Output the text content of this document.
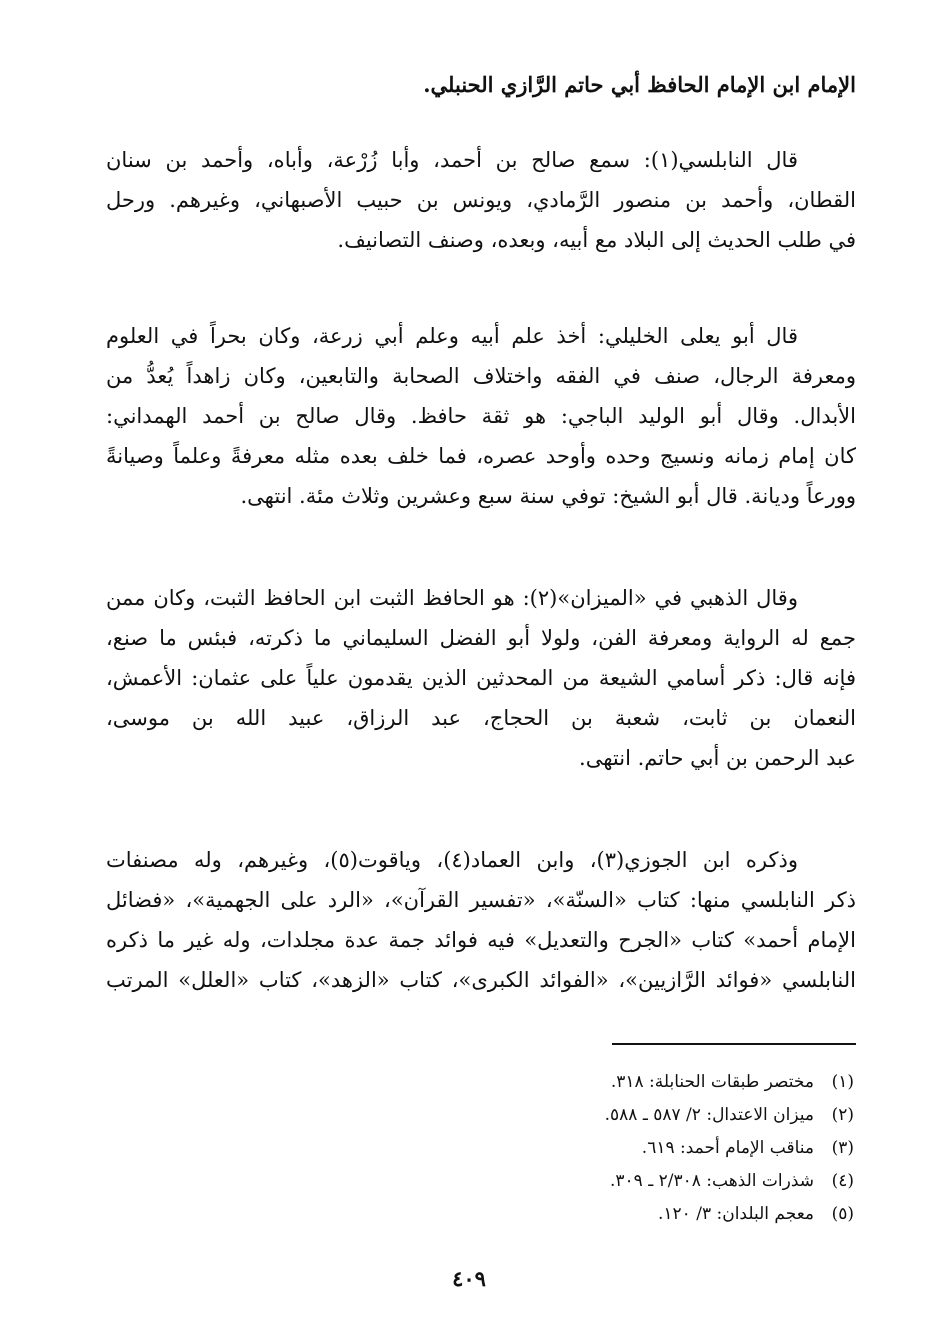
الإمام ابن الإمام الحافظ أبي حاتم الرَّازي الحنبلي.
قال النابلسي(١): سمع صالح بن أحمد، وأبا زُرْعة، وأباه، وأحمد بن سنان
القطان، وأحمد بن منصور الرَّمادي، ويونس بن حبيب الأصبهاني، وغيرهم. ورحل
في طلب الحديث إلى البلاد مع أبيه، وبعده، وصنف التصانيف.
قال أبو يعلى الخليلي: أخذ علم أبيه وعلم أبي زرعة، وكان بحراً في العلوم
ومعرفة الرجال، صنف في الفقه واختلاف الصحابة والتابعين، وكان زاهداً يُعدُّ من
الأبدال. وقال أبو الوليد الباجي: هو ثقة حافظ. وقال صالح بن أحمد الهمداني:
كان إمام زمانه ونسيج وحده وأوحد عصره، فما خلف بعده مثله معرفةً وعلماً وصيانةً
وورعاً وديانة. قال أبو الشيخ: توفي سنة سبع وعشرين وثلاث مئة. انتهى.
وقال الذهبي في «الميزان»(٢): هو الحافظ الثبت ابن الحافظ الثبت، وكان ممن
جمع له الرواية ومعرفة الفن، ولولا أبو الفضل السليماني ما ذكرته، فبئس ما صنع،
فإنه قال: ذكر أسامي الشيعة من المحدثين الذين يقدمون علياً على عثمان: الأعمش،
النعمان بن ثابت، شعبة بن الحجاج، عبد الرزاق، عبيد الله بن موسى،
عبد الرحمن بن أبي حاتم. انتهى.
وذكره ابن الجوزي(٣)، وابن العماد(٤)، وياقوت(٥)، وغيرهم، وله مصنفات
ذكر النابلسي منها: كتاب «السنّة»، «تفسير القرآن»، «الرد على الجهمية»، «فضائل
الإمام أحمد» كتاب «الجرح والتعديل» فيه فوائد جمة عدة مجلدات، وله غير ما ذكره
النابلسي «فوائد الرَّازيين»، «الفوائد الكبرى»، كتاب «الزهد»، كتاب «العلل» المرتب
(١)مختصر طبقات الحنابلة: ٣١٨.
(٢)ميزان الاعتدال: ٢/ ٥٨٧ ـ ٥٨٨.
(٣)مناقب الإمام أحمد: ٦١٩.
(٤)شذرات الذهب: ٢/٣٠٨ ـ ٣٠٩.
(٥)معجم البلدان: ٣/ ١٢٠.
٤٠٩
